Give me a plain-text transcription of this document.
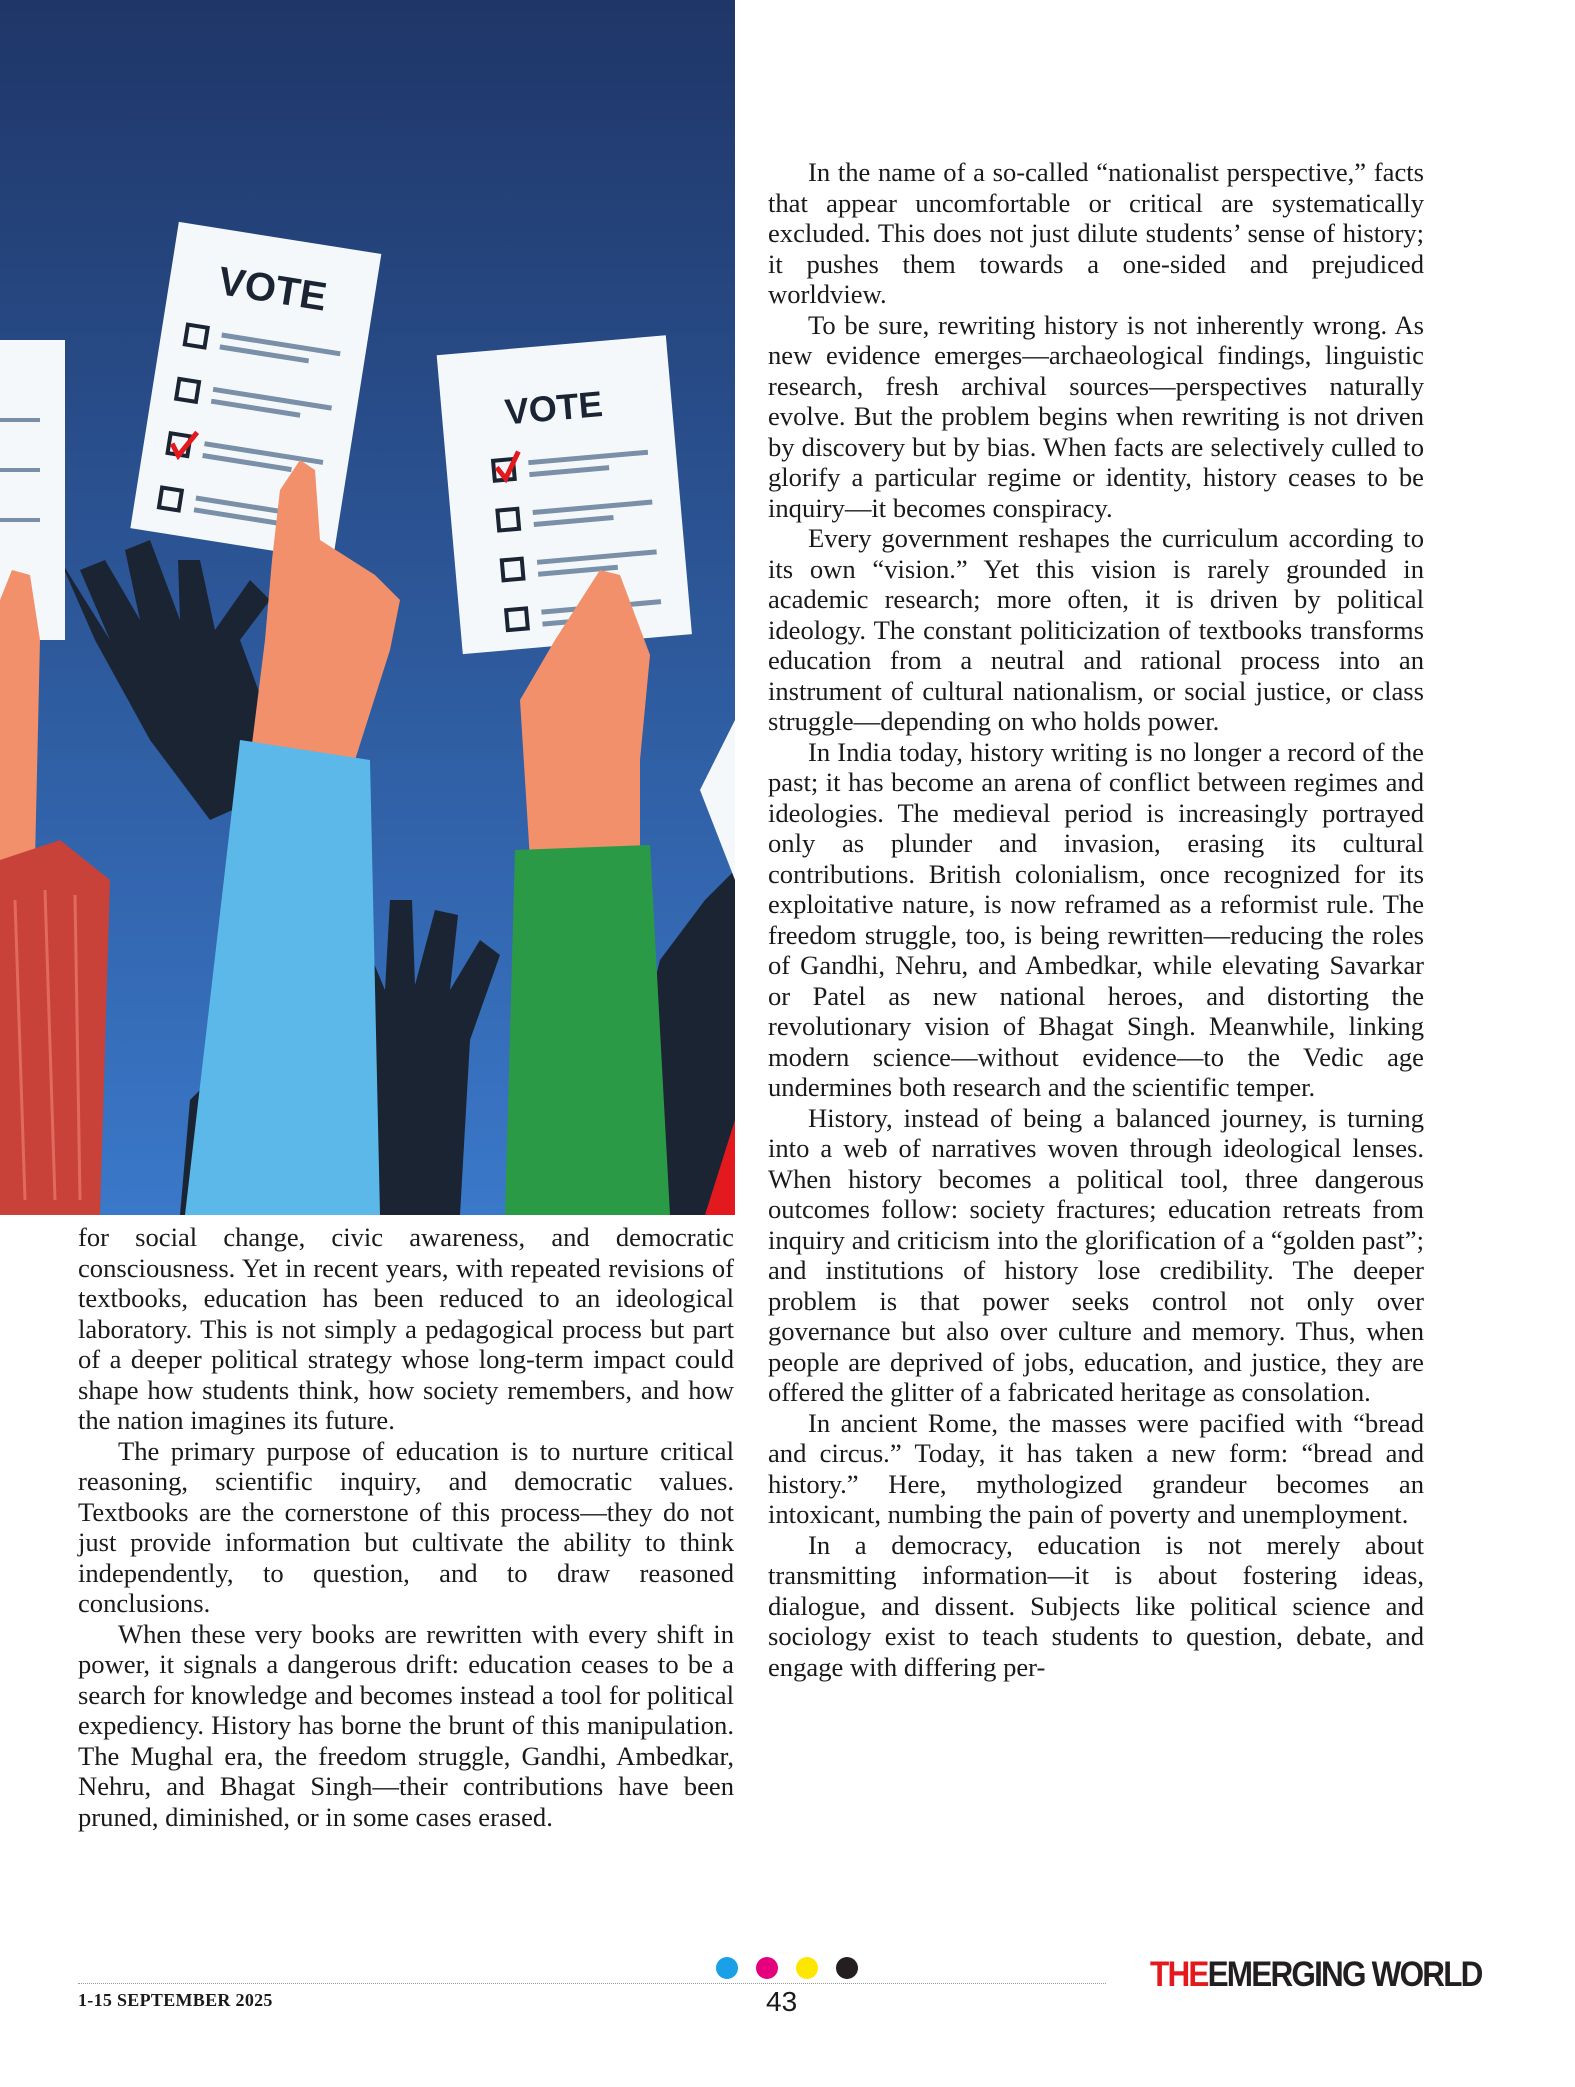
VOTE
VOTE

for social change, civic awareness, and democratic consciousness. Yet in recent years, with repeated revisions of textbooks, education has been reduced to an ideological laboratory. This is not simply a pedagogical process but part of a deeper political strategy whose long-term impact could shape how students think, how society remembers, and how the nation imagines its future.

The primary purpose of education is to nurture critical reasoning, scientific inquiry, and democratic values. Textbooks are the cornerstone of this process—they do not just provide information but cultivate the ability to think independently, to question, and to draw reasoned conclusions.

When these very books are rewritten with every shift in power, it signals a dangerous drift: education ceases to be a search for knowledge and becomes instead a tool for political expediency. History has borne the brunt of this manipulation. The Mughal era, the freedom struggle, Gandhi, Ambedkar, Nehru, and Bhagat Singh—their contributions have been pruned, diminished, or in some cases erased.

In the name of a so-called “nationalist perspective,” facts that appear uncomfortable or critical are systematically excluded. This does not just dilute students’ sense of history; it pushes them towards a one-sided and prejudiced worldview.

To be sure, rewriting history is not inherently wrong. As new evidence emerges—archaeological findings, linguistic research, fresh archival sources—perspectives naturally evolve. But the problem begins when rewriting is not driven by discovery but by bias. When facts are selectively culled to glorify a particular regime or identity, history ceases to be inquiry—it becomes conspiracy.

Every government reshapes the curriculum according to its own “vision.” Yet this vision is rarely grounded in academic research; more often, it is driven by political ideology. The constant politicization of textbooks transforms education from a neutral and rational process into an instrument of cultural nationalism, or social justice, or class struggle—depending on who holds power.

In India today, history writing is no longer a record of the past; it has become an arena of conflict between regimes and ideologies. The medieval period is increasingly portrayed only as plunder and invasion, erasing its cultural contributions. British colonialism, once recognized for its exploitative nature, is now reframed as a reformist rule. The freedom struggle, too, is being rewritten—reducing the roles of Gandhi, Nehru, and Ambedkar, while elevating Savarkar or Patel as new national heroes, and distorting the revolutionary vision of Bhagat Singh. Meanwhile, linking modern science—without evidence—to the Vedic age undermines both research and the scientific temper.

History, instead of being a balanced journey, is turning into a web of narratives woven through ideological lenses. When history becomes a political tool, three dangerous outcomes follow: society fractures; education retreats from inquiry and criticism into the glorification of a “golden past”; and institutions of history lose credibility. The deeper problem is that power seeks control not only over governance but also over culture and memory. Thus, when people are deprived of jobs, education, and justice, they are offered the glitter of a fabricated heritage as consolation.

In ancient Rome, the masses were pacified with “bread and circus.” Today, it has taken a new form: “bread and history.” Here, mythologized grandeur becomes an intoxicant, numbing the pain of poverty and unemployment.

In a democracy, education is not merely about transmitting information—it is about fostering ideas, dialogue, and dissent. Subjects like political science and sociology exist to teach students to question, debate, and engage with differing per-

1-15 SEPTEMBER 2025	43
THEEMERGING WORLD
